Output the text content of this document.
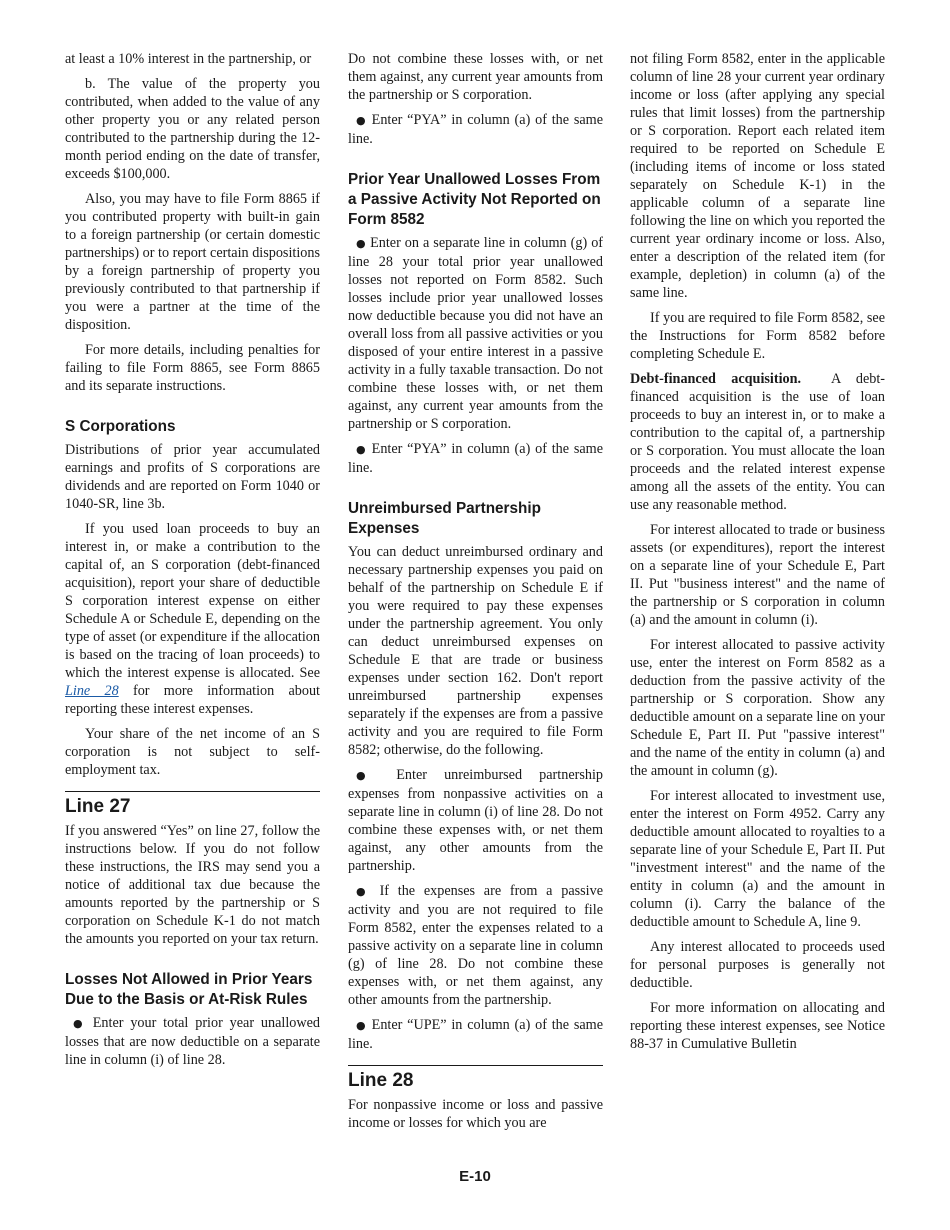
at least a 10% interest in the partnership, or

b. The value of the property you contributed, when added to the value of any other property you or any related person contributed to the partnership during the 12-month period ending on the date of transfer, exceeds $100,000.

Also, you may have to file Form 8865 if you contributed property with built-in gain to a foreign partnership (or certain domestic partnerships) or to report certain dispositions by a foreign partnership of property you previously contributed to that partnership if you were a partner at the time of the disposition.

For more details, including penalties for failing to file Form 8865, see Form 8865 and its separate instructions.

S Corporations

Distributions of prior year accumulated earnings and profits of S corporations are dividends and are reported on Form 1040 or 1040-SR, line 3b.

If you used loan proceeds to buy an interest in, or make a contribution to the capital of, an S corporation (debt-financed acquisition), report your share of deductible S corporation interest expense on either Schedule A or Schedule E, depending on the type of asset (or expenditure if the allocation is based on the tracing of loan proceeds) to which the interest expense is allocated. See Line 28 for more information about reporting these interest expenses.

Your share of the net income of an S corporation is not subject to self-employment tax.

Line 27

If you answered “Yes” on line 27, follow the instructions below. If you do not follow these instructions, the IRS may send you a notice of additional tax due because the amounts reported by the partnership or S corporation on Schedule K-1 do not match the amounts you reported on your tax return.

Losses Not Allowed in Prior Years Due to the Basis or At-Risk Rules

● Enter your total prior year unallowed losses that are now deductible on a separate line in column (i) of line 28.

Do not combine these losses with, or net them against, any current year amounts from the partnership or S corporation.

● Enter “PYA” in column (a) of the same line.

Prior Year Unallowed Losses From a Passive Activity Not Reported on Form 8582

● Enter on a separate line in column (g) of line 28 your total prior year unallowed losses not reported on Form 8582. Such losses include prior year unallowed losses now deductible because you did not have an overall loss from all passive activities or you disposed of your entire interest in a passive activity in a fully taxable transaction. Do not combine these losses with, or net them against, any current year amounts from the partnership or S corporation.

● Enter “PYA” in column (a) of the same line.

Unreimbursed Partnership Expenses

You can deduct unreimbursed ordinary and necessary partnership expenses you paid on behalf of the partnership on Schedule E if you were required to pay these expenses under the partnership agreement. You only can deduct unreimbursed expenses on Schedule E that are trade or business expenses under section 162. Don't report unreimbursed partnership expenses separately if the expenses are from a passive activity and you are required to file Form 8582; otherwise, do the following.

● Enter unreimbursed partnership expenses from nonpassive activities on a separate line in column (i) of line 28. Do not combine these expenses with, or net them against, any other amounts from the partnership.

● If the expenses are from a passive activity and you are not required to file Form 8582, enter the expenses related to a passive activity on a separate line in column (g) of line 28. Do not combine these expenses with, or net them against, any other amounts from the partnership.

● Enter “UPE” in column (a) of the same line.

Line 28

For nonpassive income or loss and passive income or losses for which you are

not filing Form 8582, enter in the applicable column of line 28 your current year ordinary income or loss (after applying any special rules that limit losses) from the partnership or S corporation. Report each related item required to be reported on Schedule E (including items of income or loss stated separately on Schedule K-1) in the applicable column of a separate line following the line on which you reported the current year ordinary income or loss. Also, enter a description of the related item (for example, depletion) in column (a) of the same line.

If you are required to file Form 8582, see the Instructions for Form 8582 before completing Schedule E.

Debt-financed acquisition. A debt-financed acquisition is the use of loan proceeds to buy an interest in, or to make a contribution to the capital of, a partnership or S corporation. You must allocate the loan proceeds and the related interest expense among all the assets of the entity. You can use any reasonable method.

For interest allocated to trade or business assets (or expenditures), report the interest on a separate line of your Schedule E, Part II. Put "business interest" and the name of the partnership or S corporation in column (a) and the amount in column (i).

For interest allocated to passive activity use, enter the interest on Form 8582 as a deduction from the passive activity of the partnership or S corporation. Show any deductible amount on a separate line on your Schedule E, Part II. Put "passive interest" and the name of the entity in column (a) and the amount in column (g).

For interest allocated to investment use, enter the interest on Form 4952. Carry any deductible amount allocated to royalties to a separate line of your Schedule E, Part II. Put "investment interest" and the name of the entity in column (a) and the amount in column (i). Carry the balance of the deductible amount to Schedule A, line 9.

Any interest allocated to proceeds used for personal purposes is generally not deductible.

For more information on allocating and reporting these interest expenses, see Notice 88-37 in Cumulative Bulletin

E-10
